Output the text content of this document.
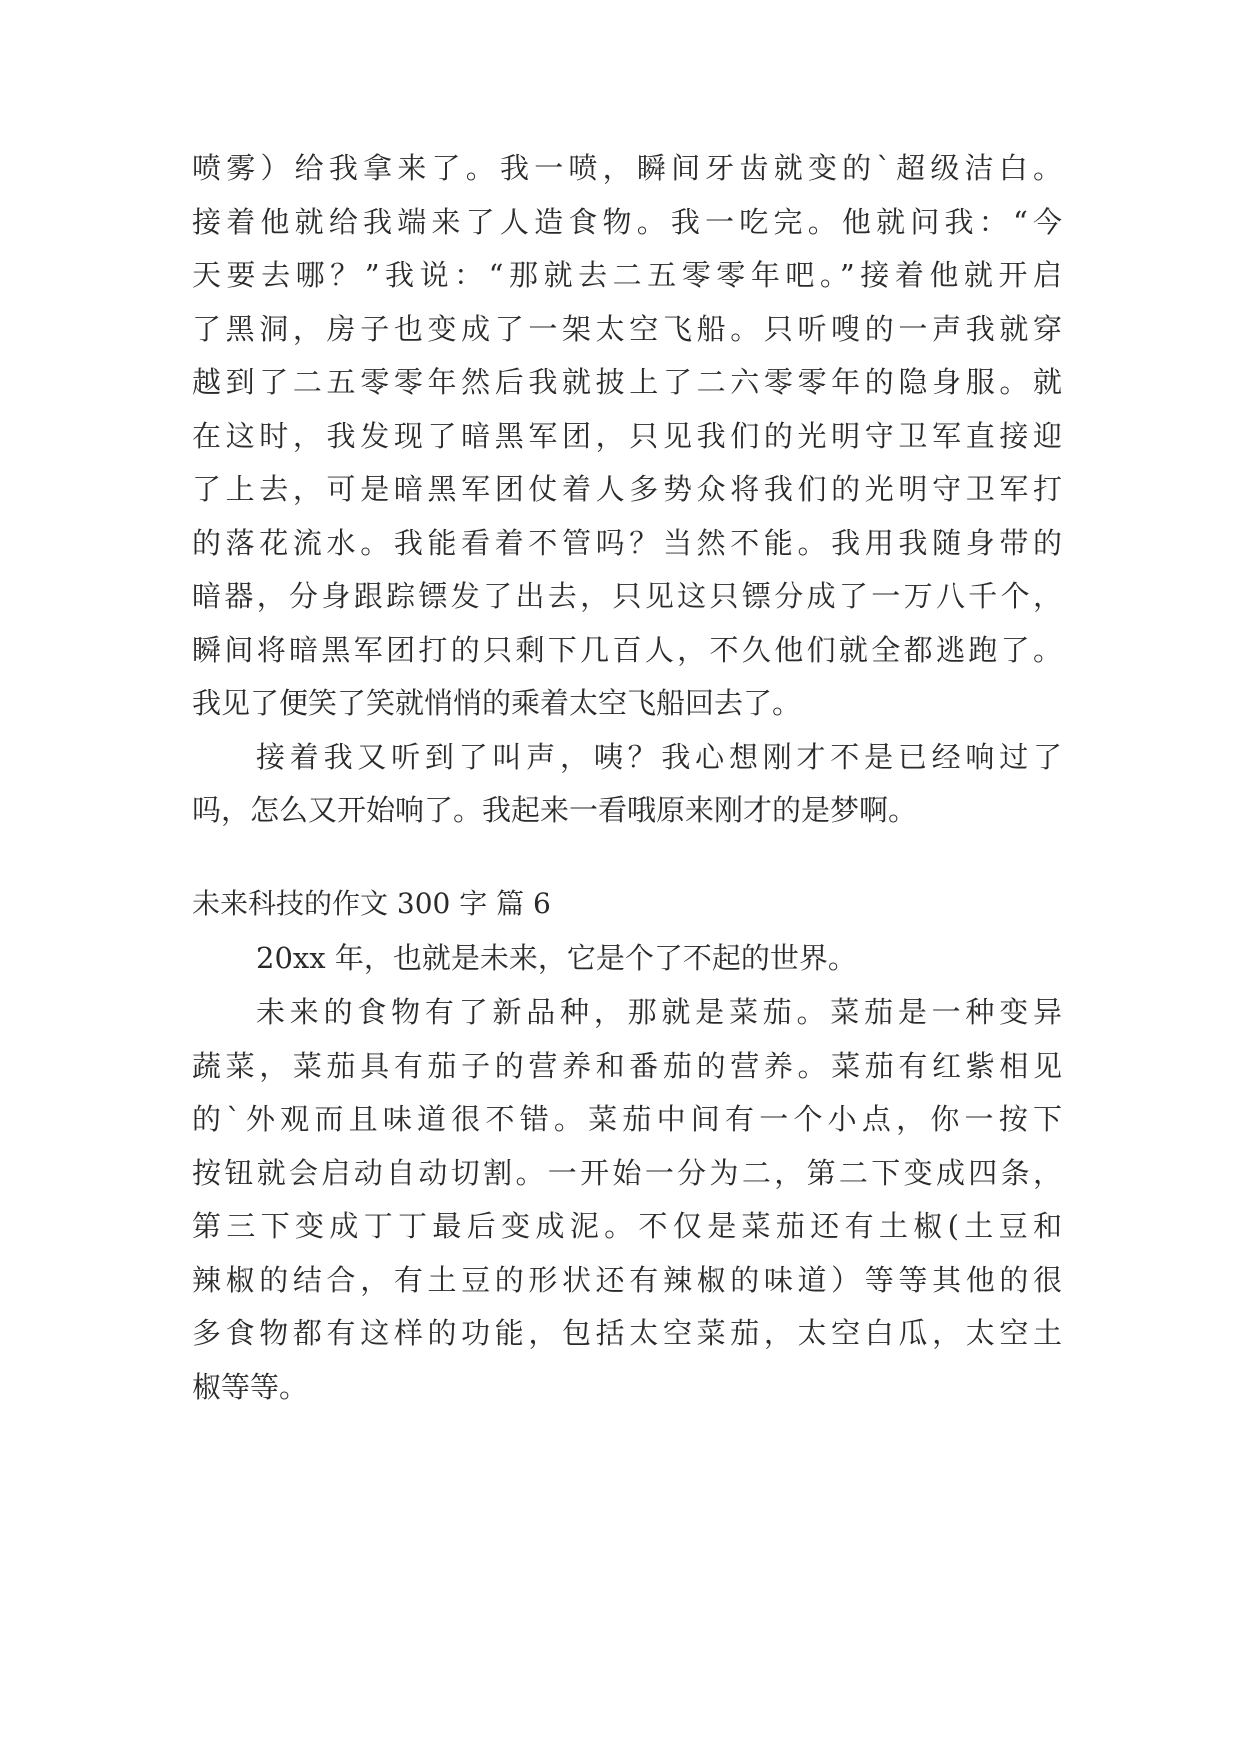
喷雾）给我拿来了。我一喷，瞬间牙齿就变的`超级洁白。
接着他就给我端来了人造食物。我一吃完。他就问我：“今
天要去哪？”我说：“那就去二五零零年吧。”接着他就开启
了黑洞，房子也变成了一架太空飞船。只听嗖的一声我就穿
越到了二五零零年然后我就披上了二六零零年的隐身服。就
在这时，我发现了暗黑军团，只见我们的光明守卫军直接迎
了上去，可是暗黑军团仗着人多势众将我们的光明守卫军打
的落花流水。我能看着不管吗？当然不能。我用我随身带的
暗器，分身跟踪镖发了出去，只见这只镖分成了一万八千个，
瞬间将暗黑军团打的只剩下几百人，不久他们就全都逃跑了。
我见了便笑了笑就悄悄的乘着太空飞船回去了。
接着我又听到了叫声，咦？我心想刚才不是已经响过了
吗，怎么又开始响了。我起来一看哦原来刚才的是梦啊。
未来科技的作文 300 字 篇 6
20xx 年，也就是未来，它是个了不起的世界。
未来的食物有了新品种，那就是菜茄。菜茄是一种变异
蔬菜，菜茄具有茄子的营养和番茄的营养。菜茄有红紫相见
的`外观而且味道很不错。菜茄中间有一个小点，你一按下
按钮就会启动自动切割。一开始一分为二，第二下变成四条，
第三下变成丁丁最后变成泥。不仅是菜茄还有土椒(土豆和
辣椒的结合，有土豆的形状还有辣椒的味道）等等其他的很
多食物都有这样的功能，包括太空菜茄，太空白瓜，太空土
椒等等。
